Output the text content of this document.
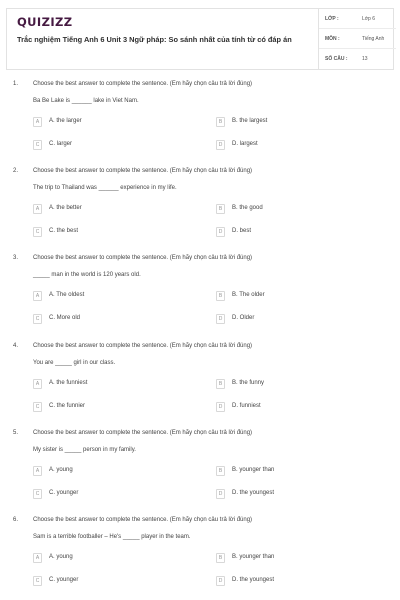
QUIZIZZ
Trắc nghiệm Tiếng Anh 6 Unit 3 Ngữ pháp: So sánh nhất của tính từ có đáp án
LỚP :	Lớp 6
MÔN :	Tiếng Anh
SỐ CÂU :	13
1. Choose the best answer to complete the sentence. (Em hãy chọn câu trả lời đúng)
Ba Be Lake is ______ lake in Viet Nam.
A	A. the larger	B	B. the largest
C	C. larger	D	D. largest
2. Choose the best answer to complete the sentence. (Em hãy chọn câu trả lời đúng)
The trip to Thailand was ______ experience in my life.
A	A. the better	B	B. the good
C	C. the best	D	D. best
3. Choose the best answer to complete the sentence. (Em hãy chọn câu trả lời đúng)
_____ man in the world is 120 years old.
A	A. The oldest	B	B. The older
C	C. More old	D	D. Older
4. Choose the best answer to complete the sentence. (Em hãy chọn câu trả lời đúng)
You are _____ girl in our class.
A	A. the funniest	B	B. the funny
C	C. the funnier	D	D. funniest
5. Choose the best answer to complete the sentence. (Em hãy chọn câu trả lời đúng)
My sister is _____ person in my family.
A	A. young	B	B. younger than
C	C. younger	D	D. the youngest
6. Choose the best answer to complete the sentence. (Em hãy chọn câu trả lời đúng)
Sam is a terrible footballer – He's _____ player in the team.
A	A. young	B	B. younger than
C	C. younger	D	D. the youngest
